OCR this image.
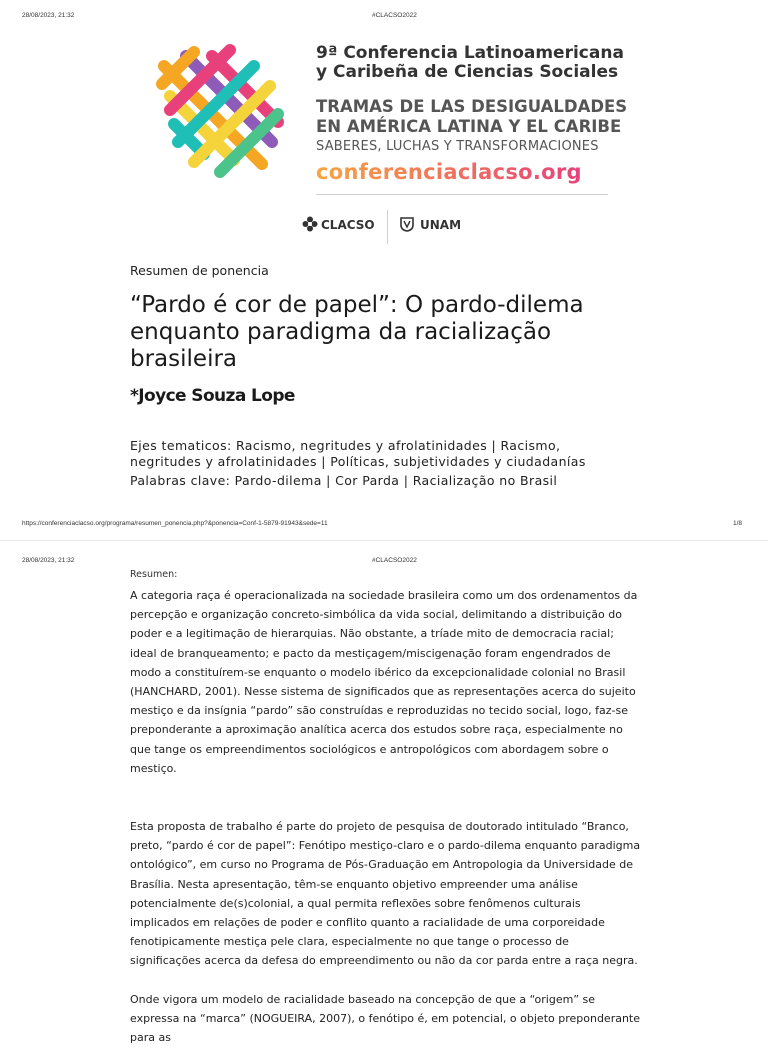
28/08/2023, 21:32	#CLACSO2022
9ª Conferencia Latinoamericana
y Caribeña de Ciencias Sociales
TRAMAS DE LAS DESIGUALDADES
EN AMÉRICA LATINA Y EL CARIBE
SABERES, LUCHAS Y TRANSFORMACIONES
conferenciaclacso.org
CLACSO	UNAM
Resumen de ponencia
“Pardo é cor de papel”: O pardo-dilema enquanto paradigma da racialização brasileira
*Joyce Souza Lope
Ejes tematicos: Racismo, negritudes y afrolatinidades | Racismo, negritudes y afrolatinidades | Políticas, subjetividades y ciudadanías
Palabras clave: Pardo-dilema | Cor Parda | Racialização no Brasil
https://conferenciaclacso.org/programa/resumen_ponencia.php?&ponencia=Conf-1-5879-91943&sede=11	1/8
28/08/2023, 21:32	#CLACSO2022
Resumen:

A categoria raça é operacionalizada na sociedade brasileira como um dos ordenamentos da percepção e organização concreto-simbólica da vida social, delimitando a distribuição do poder e a legitimação de hierarquias. Não obstante, a tríade mito de democracia racial; ideal de branqueamento; e pacto da mestiçagem/miscigenação foram engendrados de modo a constituírem-se enquanto o modelo ibérico da excepcionalidade colonial no Brasil (HANCHARD, 2001). Nesse sistema de significados que as representações acerca do sujeito mestiço e da insígnia “pardo” são construídas e reproduzidas no tecido social, logo, faz-se preponderante a aproximação analítica acerca dos estudos sobre raça, especialmente no que tange os empreendimentos sociológicos e antropológicos com abordagem sobre o mestiço.

Esta proposta de trabalho é parte do projeto de pesquisa de doutorado intitulado “Branco, preto, “pardo é cor de papel”: Fenótipo mestiço-claro e o pardo-dilema enquanto paradigma ontológico”, em curso no Programa de Pós-Graduação em Antropologia da Universidade de Brasília. Nesta apresentação, têm-se enquanto objetivo empreender uma análise potencialmente de(s)colonial, a qual permita reflexões sobre fenômenos culturais implicados em relações de poder e conflito quanto a racialidade de uma corporeidade fenotipicamente mestiça pele clara, especialmente no que tange o processo de significações acerca da defesa do empreendimento ou não da cor parda entre a raça negra.

Onde vigora um modelo de racialidade baseado na concepção de que a “origem” se expressa na “marca” (NOGUEIRA, 2007), o fenótipo é, em potencial, o objeto preponderante para as
